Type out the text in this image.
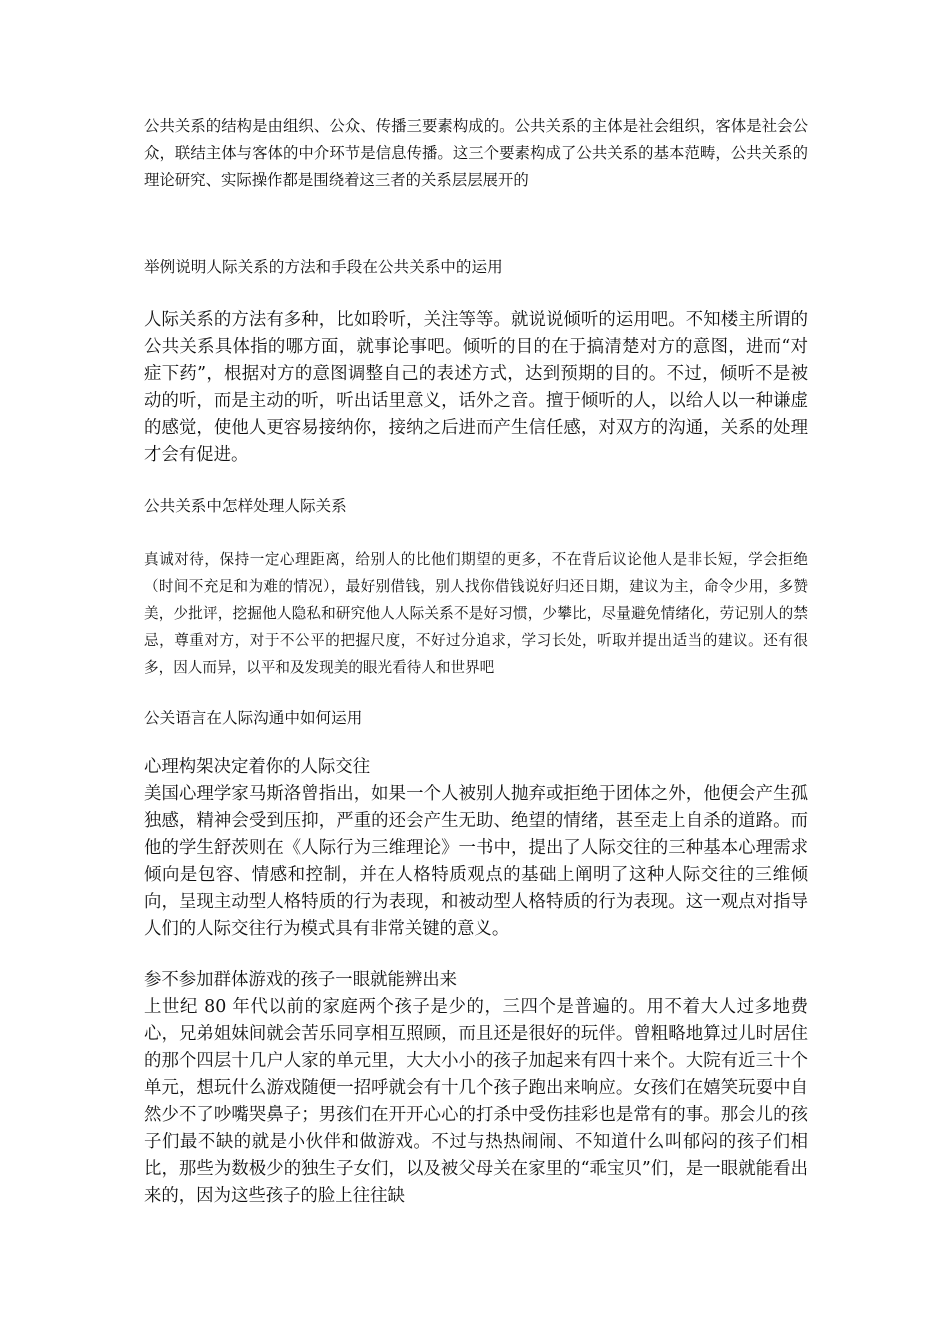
公共关系的结构是由组织、公众、传播三要素构成的。公共关系的主体是社会组织，客体是社会公众，联结主体与客体的中介环节是信息传播。这三个要素构成了公共关系的基本范畴，公共关系的理论研究、实际操作都是围绕着这三者的关系层层展开的

举例说明人际关系的方法和手段在公共关系中的运用

人际关系的方法有多种，比如聆听，关注等等。就说说倾听的运用吧。不知楼主所谓的公共关系具体指的哪方面，就事论事吧。倾听的目的在于搞清楚对方的意图，进而“对症下药”，根据对方的意图调整自己的表述方式，达到预期的目的。不过，倾听不是被动的听，而是主动的听，听出话里意义，话外之音。擅于倾听的人，以给人以一种谦虚的感觉，使他人更容易接纳你，接纳之后进而产生信任感，对双方的沟通，关系的处理才会有促进。

公共关系中怎样处理人际关系

真诚对待，保持一定心理距离，给别人的比他们期望的更多，不在背后议论他人是非长短，学会拒绝（时间不充足和为难的情况），最好别借钱，别人找你借钱说好归还日期，建议为主，命令少用，多赞美，少批评，挖掘他人隐私和研究他人人际关系不是好习惯，少攀比，尽量避免情绪化，劳记别人的禁忌，尊重对方，对于不公平的把握尺度，不好过分追求，学习长处，听取并提出适当的建议。还有很多，因人而异，以平和及发现美的眼光看待人和世界吧

公关语言在人际沟通中如何运用

心理构架决定着你的人际交往

美国心理学家马斯洛曾指出，如果一个人被别人抛弃或拒绝于团体之外，他便会产生孤独感，精神会受到压抑，严重的还会产生无助、绝望的情绪，甚至走上自杀的道路。而他的学生舒茨则在《人际行为三维理论》一书中，提出了人际交往的三种基本心理需求倾向是包容、情感和控制，并在人格特质观点的基础上阐明了这种人际交往的三维倾向，呈现主动型人格特质的行为表现，和被动型人格特质的行为表现。这一观点对指导人们的人际交往行为模式具有非常关键的意义。

参不参加群体游戏的孩子一眼就能辨出来

上世纪 80 年代以前的家庭两个孩子是少的，三四个是普遍的。用不着大人过多地费心，兄弟姐妹间就会苦乐同享相互照顾，而且还是很好的玩伴。曾粗略地算过儿时居住的那个四层十几户人家的单元里，大大小小的孩子加起来有四十来个。大院有近三十个单元，想玩什么游戏随便一招呼就会有十几个孩子跑出来响应。女孩们在嬉笑玩耍中自然少不了吵嘴哭鼻子；男孩们在开开心心的打杀中受伤挂彩也是常有的事。那会儿的孩子们最不缺的就是小伙伴和做游戏。不过与热热闹闹、不知道什么叫郁闷的孩子们相比，那些为数极少的独生子女们，以及被父母关在家里的“乖宝贝”们，是一眼就能看出来的，因为这些孩子的脸上往往缺
